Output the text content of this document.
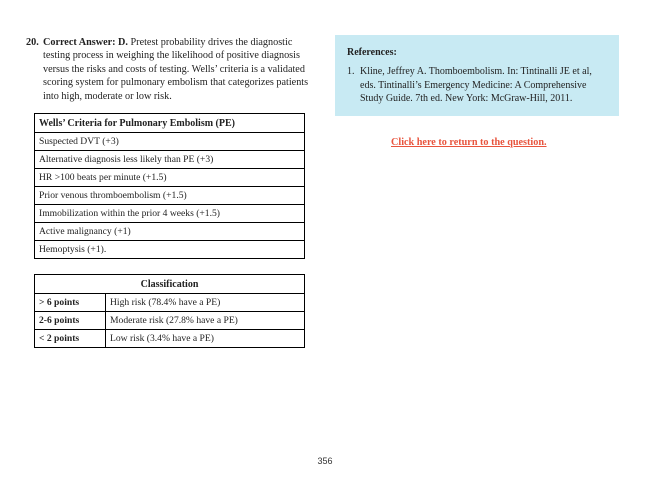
20. Correct Answer: D. Pretest probability drives the diagnostic testing process in weighing the likelihood of positive diagnosis versus the risks and costs of testing. Wells’ criteria is a validated scoring system for pulmonary embolism that categorizes patients into high, moderate or low risk.
Wells’ Criteria for Pulmonary Embolism (PE)
Suspected DVT (+3)
Alternative diagnosis less likely than PE (+3)
HR >100 beats per minute (+1.5)
Prior venous thromboembolism (+1.5)
Immobilization within the prior 4 weeks (+1.5)
Active malignancy (+1)
Hemoptysis (+1).
Classification	
> 6 points	High risk (78.4% have a PE)
2-6 points	Moderate risk (27.8% have a PE)
< 2 points	Low risk (3.4% have a PE)
References:
1. Kline, Jeffrey A. Thomboembolism. In: Tintinalli JE et al, eds. Tintinalli’s Emergency Medicine: A Comprehensive Study Guide. 7th ed. New York: McGraw-Hill, 2011.
Click here to return to the question.
356
